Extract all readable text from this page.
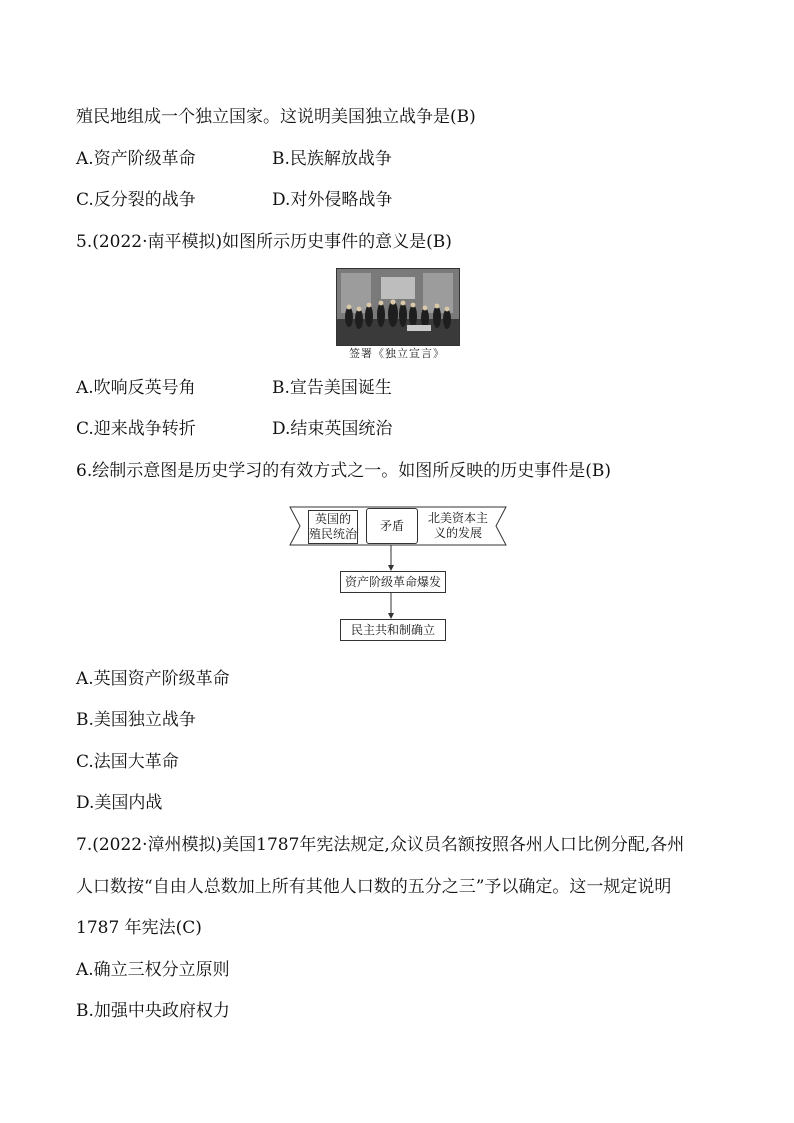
殖民地组成一个独立国家。这说明美国独立战争是(B)
A.资产阶级革命	B.民族解放战争
C.反分裂的战争	D.对外侵略战争
5.(2022·南平模拟)如图所示历史事件的意义是(B)
签署《独立宣言》
A.吹响反英号角	B.宣告美国诞生
C.迎来战争转折	D.结束英国统治
6.绘制示意图是历史学习的有效方式之一。如图所反映的历史事件是(B)
英国的
殖民统治
矛盾
北美资本主
义的发展
资产阶级革命爆发
民主共和制确立
A.英国资产阶级革命
B.美国独立战争
C.法国大革命
D.美国内战
7.(2022·漳州模拟)美国1787年宪法规定,众议员名额按照各州人口比例分配,各州
人口数按“自由人总数加上所有其他人口数的五分之三”予以确定。这一规定说明
1787 年宪法(C)
A.确立三权分立原则
B.加强中央政府权力
